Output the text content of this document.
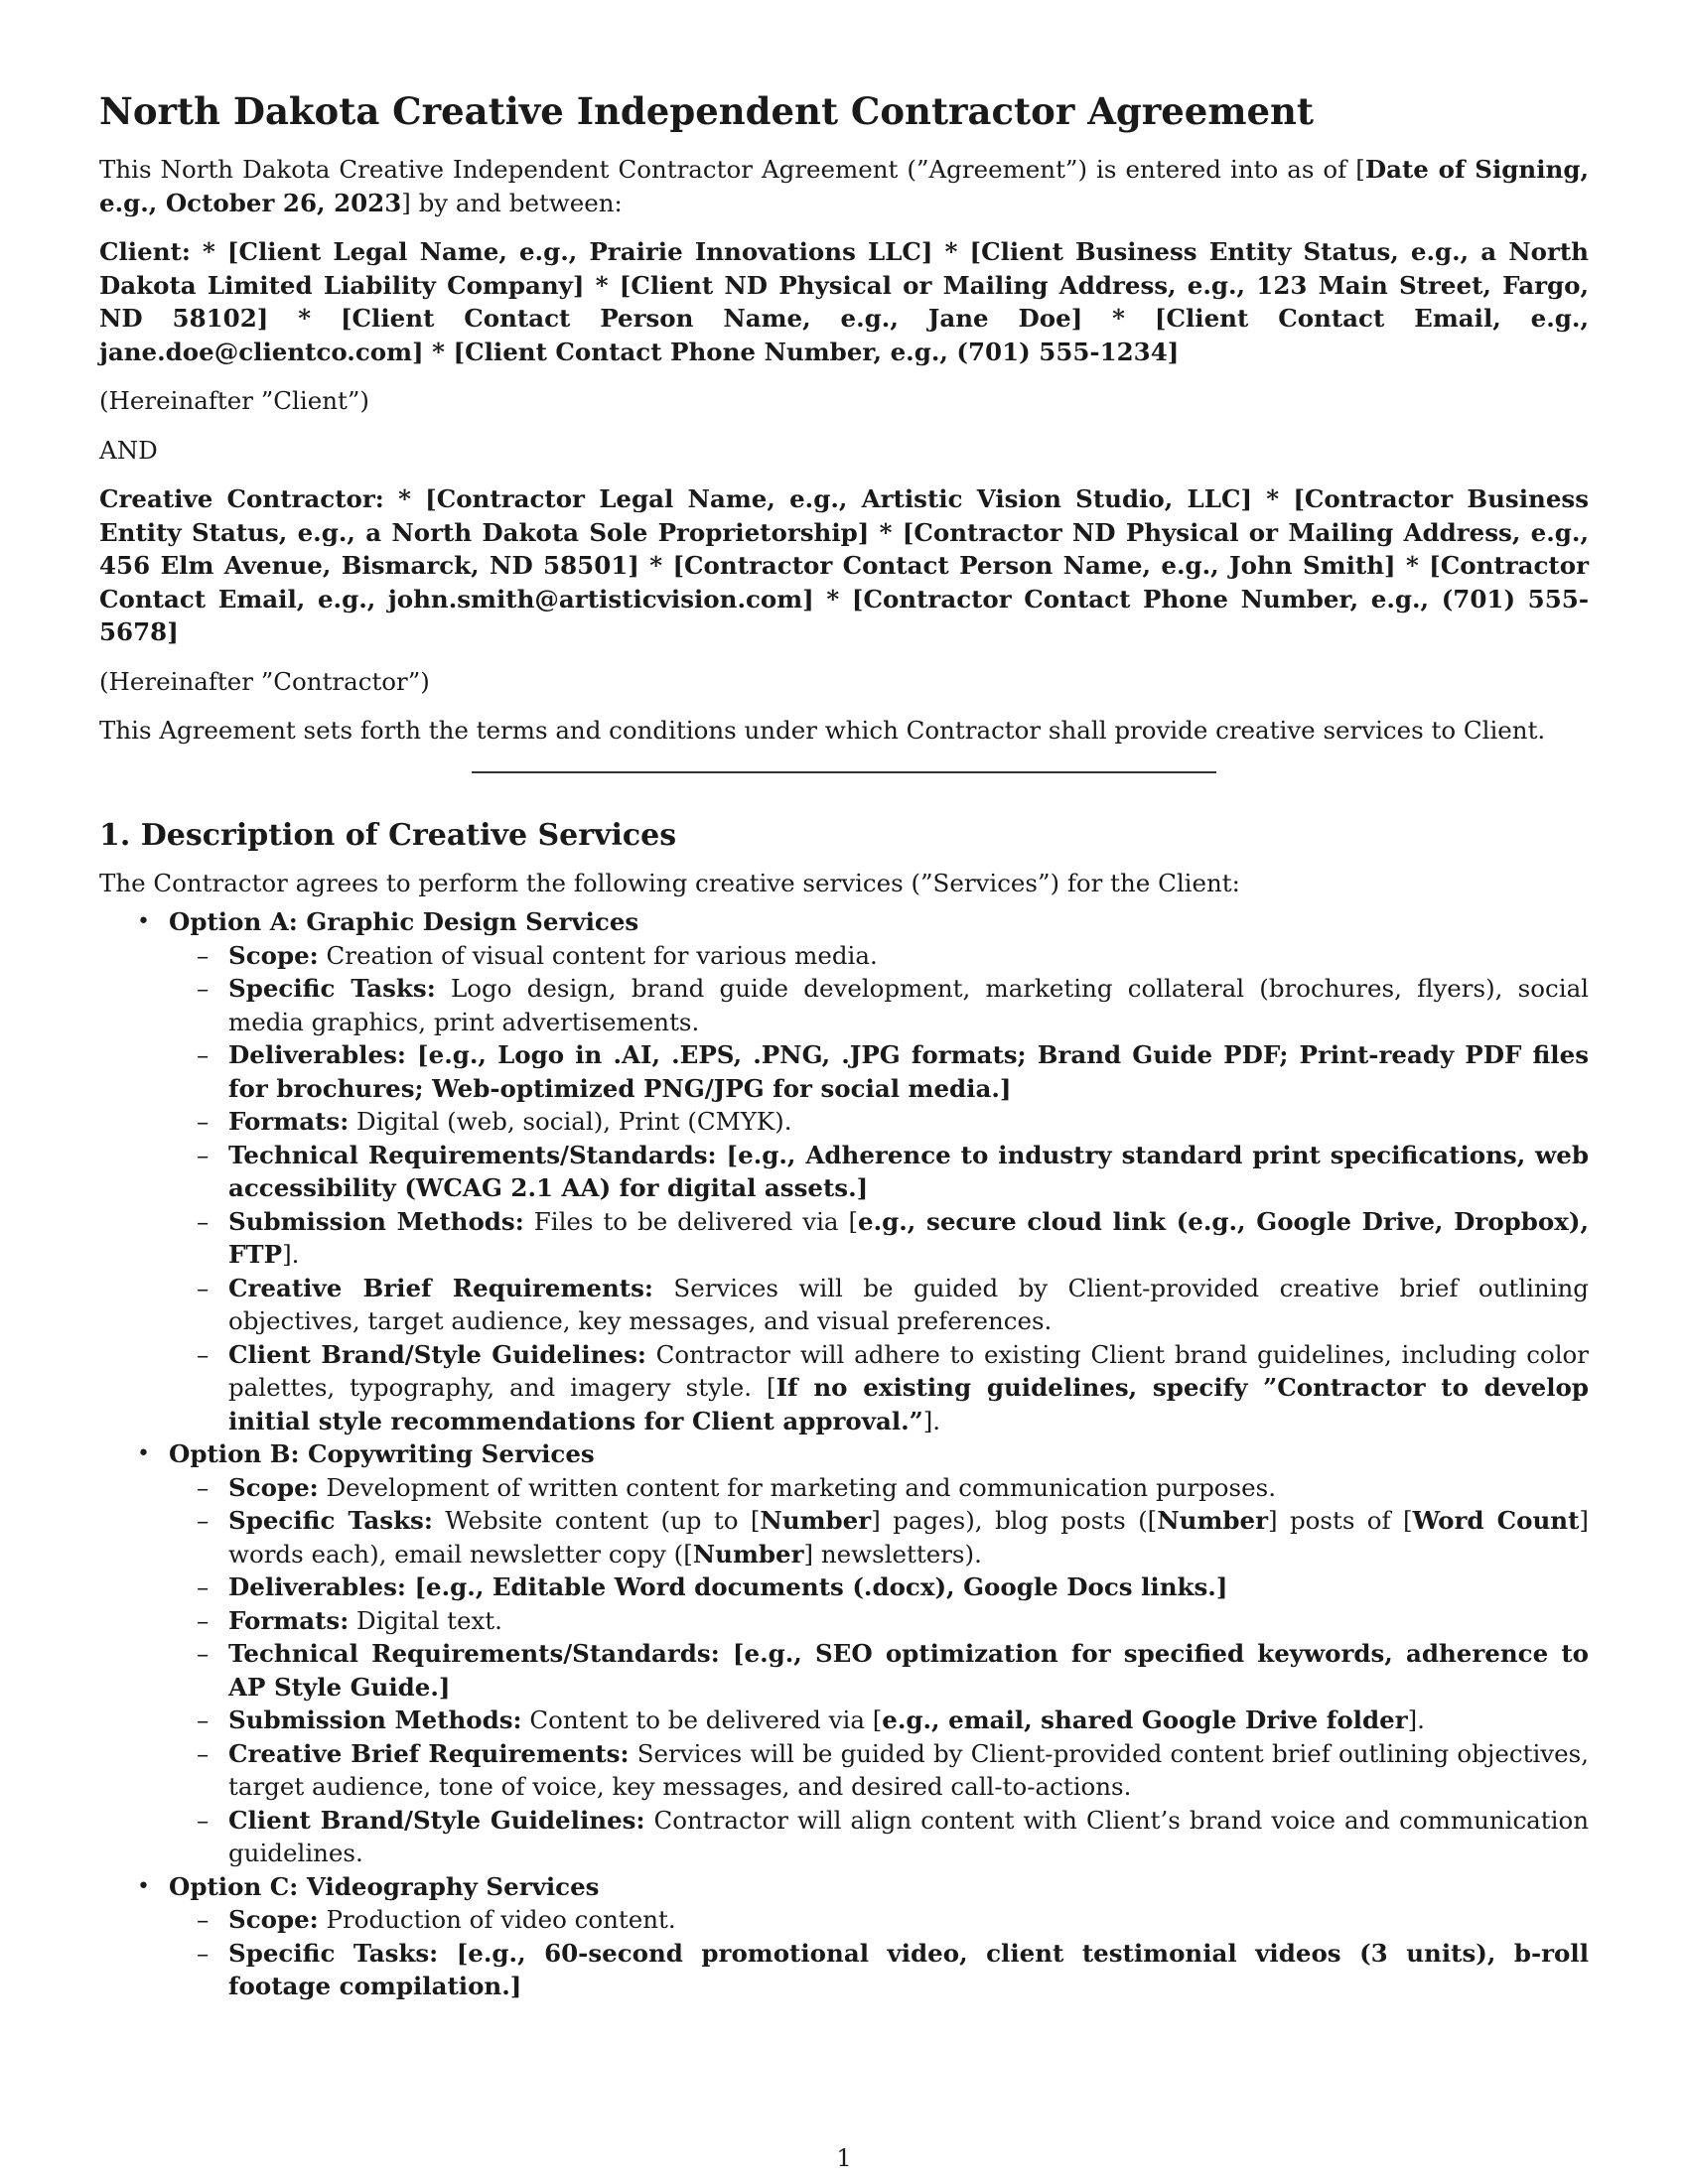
North Dakota Creative Independent Contractor Agreement

This North Dakota Creative Independent Contractor Agreement (”Agreement”) is entered into as of [Date of Signing, e.g., October 26, 2023] by and between:

Client: * [Client Legal Name, e.g., Prairie Innovations LLC] * [Client Business Entity Status, e.g., a North Dakota Limited Liability Company] * [Client ND Physical or Mailing Address, e.g., 123 Main Street, Fargo, ND 58102] * [Client Contact Person Name, e.g., Jane Doe] * [Client Contact Email, e.g., jane.doe@clientco.com] * [Client Contact Phone Number, e.g., (701) 555-1234]

(Hereinafter ”Client”)

AND

Creative Contractor: * [Contractor Legal Name, e.g., Artistic Vision Studio, LLC] * [Contractor Business Entity Status, e.g., a North Dakota Sole Proprietorship] * [Contractor ND Physical or Mailing Address, e.g., 456 Elm Avenue, Bismarck, ND 58501] * [Contractor Contact Person Name, e.g., John Smith] * [Contractor Contact Email, e.g., john.smith@artisticvision.com] * [Contractor Contact Phone Number, e.g., (701) 555-5678]

(Hereinafter ”Contractor”)

This Agreement sets forth the terms and conditions under which Contractor shall provide creative services to Client.

1. Description of Creative Services

The Contractor agrees to perform the following creative services (”Services”) for the Client:

• Option A: Graphic Design Services
– Scope: Creation of visual content for various media.
– Specific Tasks: Logo design, brand guide development, marketing collateral (brochures, flyers), social media graphics, print advertisements.
– Deliverables: [e.g., Logo in .AI, .EPS, .PNG, .JPG formats; Brand Guide PDF; Print-ready PDF files for brochures; Web-optimized PNG/JPG for social media.]
– Formats: Digital (web, social), Print (CMYK).
– Technical Requirements/Standards: [e.g., Adherence to industry standard print specifications, web accessibility (WCAG 2.1 AA) for digital assets.]
– Submission Methods: Files to be delivered via [e.g., secure cloud link (e.g., Google Drive, Dropbox), FTP].
– Creative Brief Requirements: Services will be guided by Client-provided creative brief outlining objectives, target audience, key messages, and visual preferences.
– Client Brand/Style Guidelines: Contractor will adhere to existing Client brand guidelines, including color palettes, typography, and imagery style. [If no existing guidelines, specify ”Contractor to develop initial style recommendations for Client approval.”].
• Option B: Copywriting Services
– Scope: Development of written content for marketing and communication purposes.
– Specific Tasks: Website content (up to [Number] pages), blog posts ([Number] posts of [Word Count] words each), email newsletter copy ([Number] newsletters).
– Deliverables: [e.g., Editable Word documents (.docx), Google Docs links.]
– Formats: Digital text.
– Technical Requirements/Standards: [e.g., SEO optimization for specified keywords, adherence to AP Style Guide.]
– Submission Methods: Content to be delivered via [e.g., email, shared Google Drive folder].
– Creative Brief Requirements: Services will be guided by Client-provided content brief outlining objectives, target audience, tone of voice, key messages, and desired call-to-actions.
– Client Brand/Style Guidelines: Contractor will align content with Client’s brand voice and communication guidelines.
• Option C: Videography Services
– Scope: Production of video content.
– Specific Tasks: [e.g., 60-second promotional video, client testimonial videos (3 units), b-roll footage compilation.]
1
